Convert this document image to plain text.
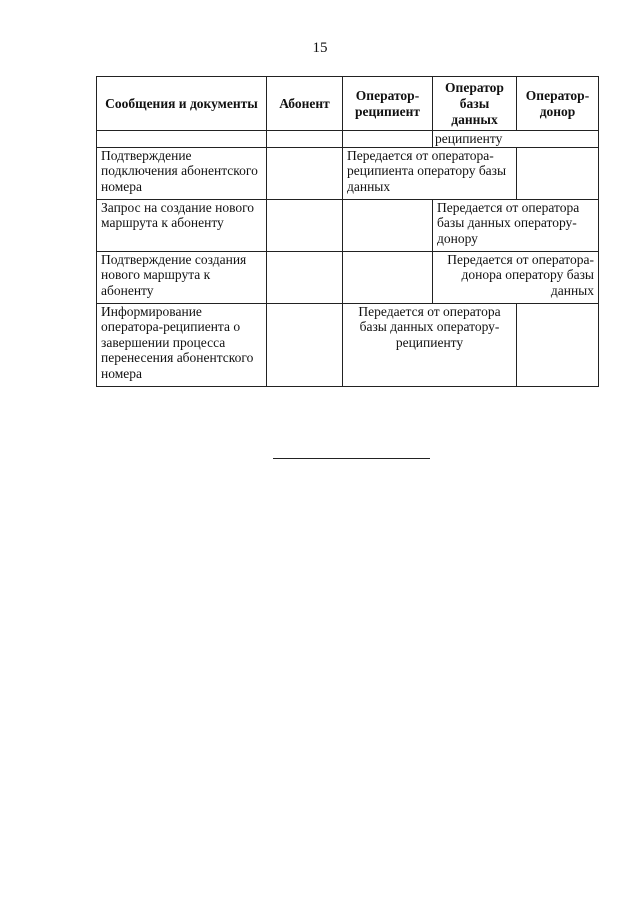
15
Сообщения и документы	Абонент	Оператор-реципиент	Оператор базы данных	Оператор-донор
			реципиенту	
Подтверждение подключения абонентского номера		Передается от оператора-реципиента оператору базы данных		
Запрос на создание нового маршрута к абоненту			Передается от оператора базы данных оператору-донору	
Подтверждение создания нового маршрута к абоненту			Передается от оператора-донора оператору базы данных	
Информирование оператора-реципиента о завершении процесса перенесения абонентского номера		Передается от оператора базы данных оператору-реципиенту		
